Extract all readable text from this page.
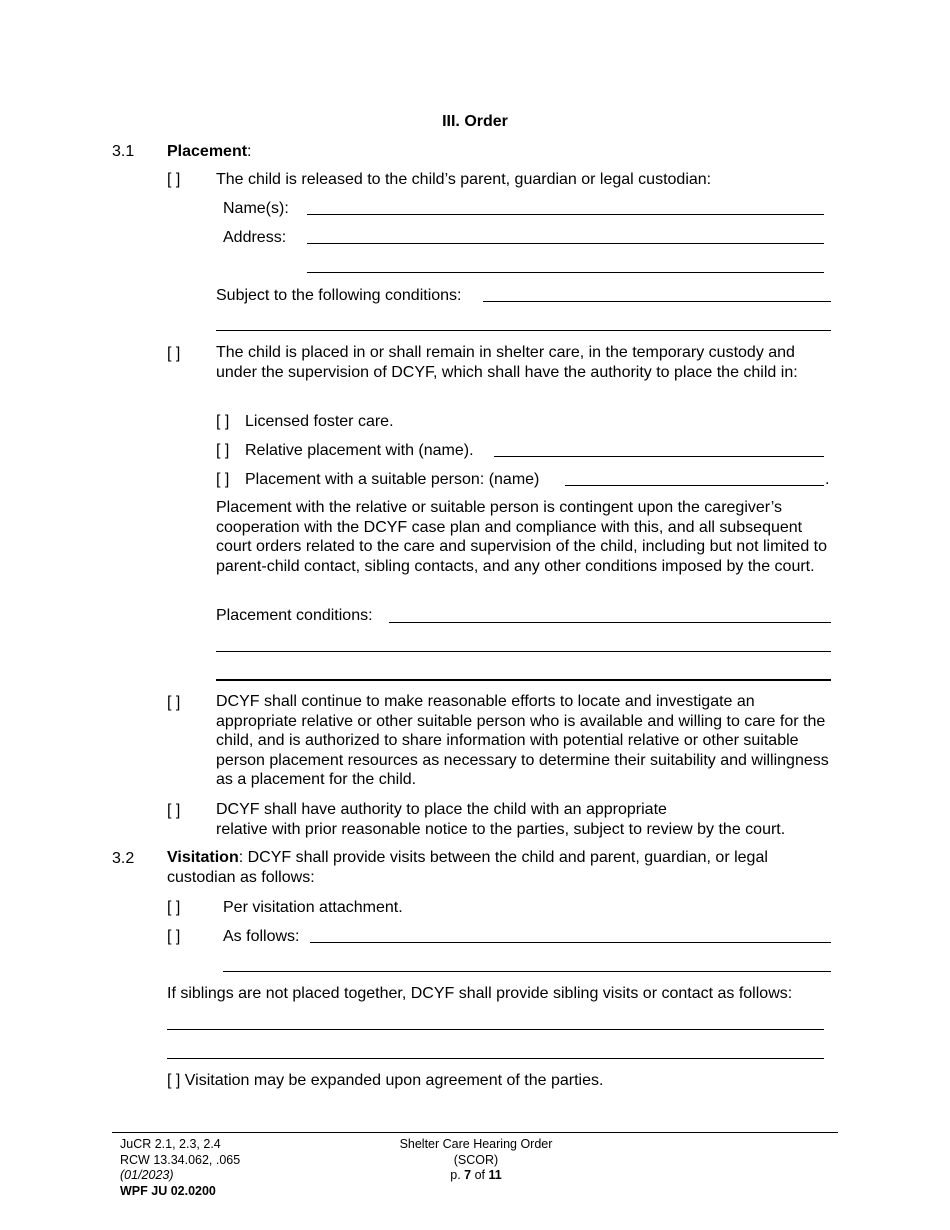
III. Order
3.1 Placement:
[ ] The child is released to the child’s parent, guardian or legal custodian:
Name(s):
Address:
Subject to the following conditions:
[ ] The child is placed in or shall remain in shelter care, in the temporary custody and under the supervision of DCYF, which shall have the authority to place the child in:
[ ] Licensed foster care.
[ ] Relative placement with (name).
[ ] Placement with a suitable person: (name)	.
Placement with the relative or suitable person is contingent upon the caregiver’s cooperation with the DCYF case plan and compliance with this, and all subsequent court orders related to the care and supervision of the child, including but not limited to parent-child contact, sibling contacts, and any other conditions imposed by the court.
Placement conditions:
[ ] DCYF shall continue to make reasonable efforts to locate and investigate an appropriate relative or other suitable person who is available and willing to care for the child, and is authorized to share information with potential relative or other suitable person placement resources as necessary to determine their suitability and willingness as a placement for the child.
[ ] DCYF shall have authority to place the child with an appropriate
relative with prior reasonable notice to the parties, subject to review by the court.
3.2 Visitation: DCYF shall provide visits between the child and parent, guardian, or legal custodian as follows:
[ ]	Per visitation attachment.
[ ]	As follows:
If siblings are not placed together, DCYF shall provide sibling visits or contact as follows:
[ ] Visitation may be expanded upon agreement of the parties.
JuCR 2.1, 2.3, 2.4
RCW 13.34.062, .065
(01/2023)
WPF JU 02.0200
Shelter Care Hearing Order
(SCOR)
p. 7 of 11
